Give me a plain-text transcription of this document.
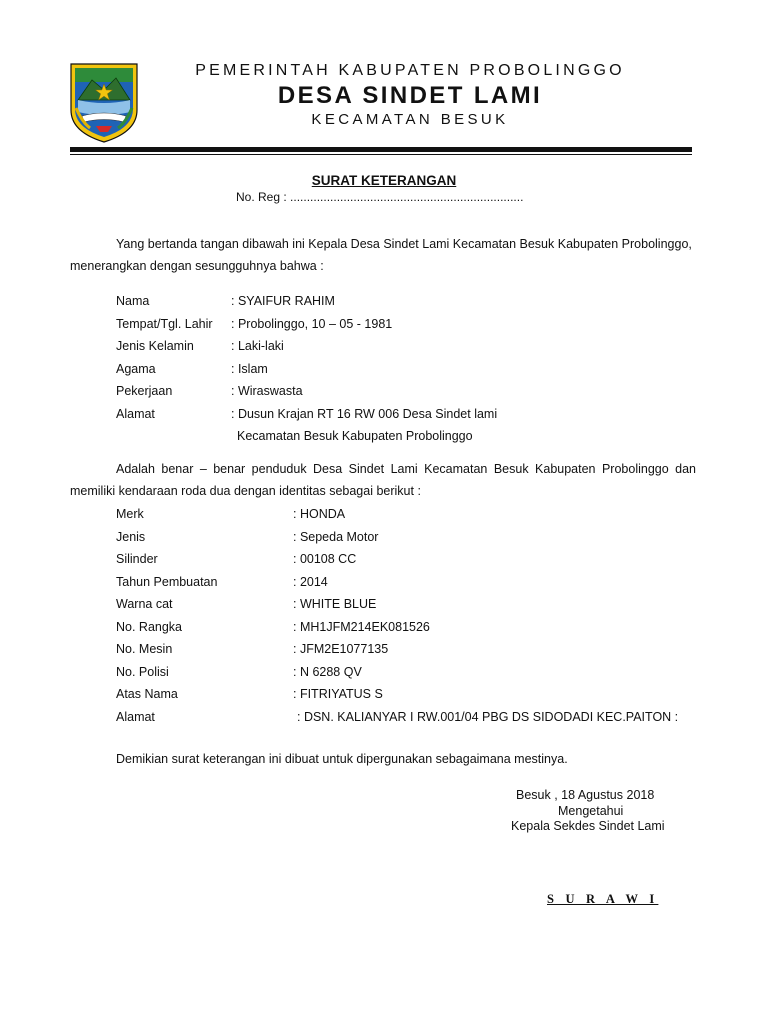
PEMERINTAH KABUPATEN PROBOLINGGO
DESA SINDET LAMI
KECAMATAN BESUK
SURAT KETERANGAN
No. Reg : ......................................................................
Yang bertanda tangan dibawah ini Kepala Desa Sindet Lami Kecamatan Besuk Kabupaten Probolinggo,
menerangkan dengan sesungguhnya bahwa :
Nama	: SYAIFUR RAHIM
Tempat/Tgl. Lahir : Probolinggo, 10 – 05 - 1981
Jenis Kelamin	: Laki-laki
Agama	: Islam
Pekerjaan	: Wiraswasta
Alamat	: Dusun Krajan RT 16 RW 006 Desa Sindet lami
Kecamatan Besuk Kabupaten Probolinggo
Adalah benar – benar penduduk Desa Sindet Lami Kecamatan Besuk Kabupaten Probolinggo dan
memiliki kendaraan roda dua dengan identitas sebagai berikut :
Merk	: HONDA
Jenis	: Sepeda Motor
Silinder	: 00108 CC
Tahun Pembuatan	: 2014
Warna cat	: WHITE BLUE
No. Rangka	: MH1JFM214EK081526
No. Mesin	: JFM2E1077135
No. Polisi	: N 6288 QV
Atas Nama	: FITRIYATUS S
Alamat	: DSN. KALIANYAR I RW.001/04 PBG DS SIDODADI KEC.PAITON :
Demikian surat keterangan ini dibuat untuk dipergunakan sebagaimana mestinya.
Besuk , 18 Agustus 2018
Mengetahui
Kepala Sekdes Sindet Lami
S U R A W I
